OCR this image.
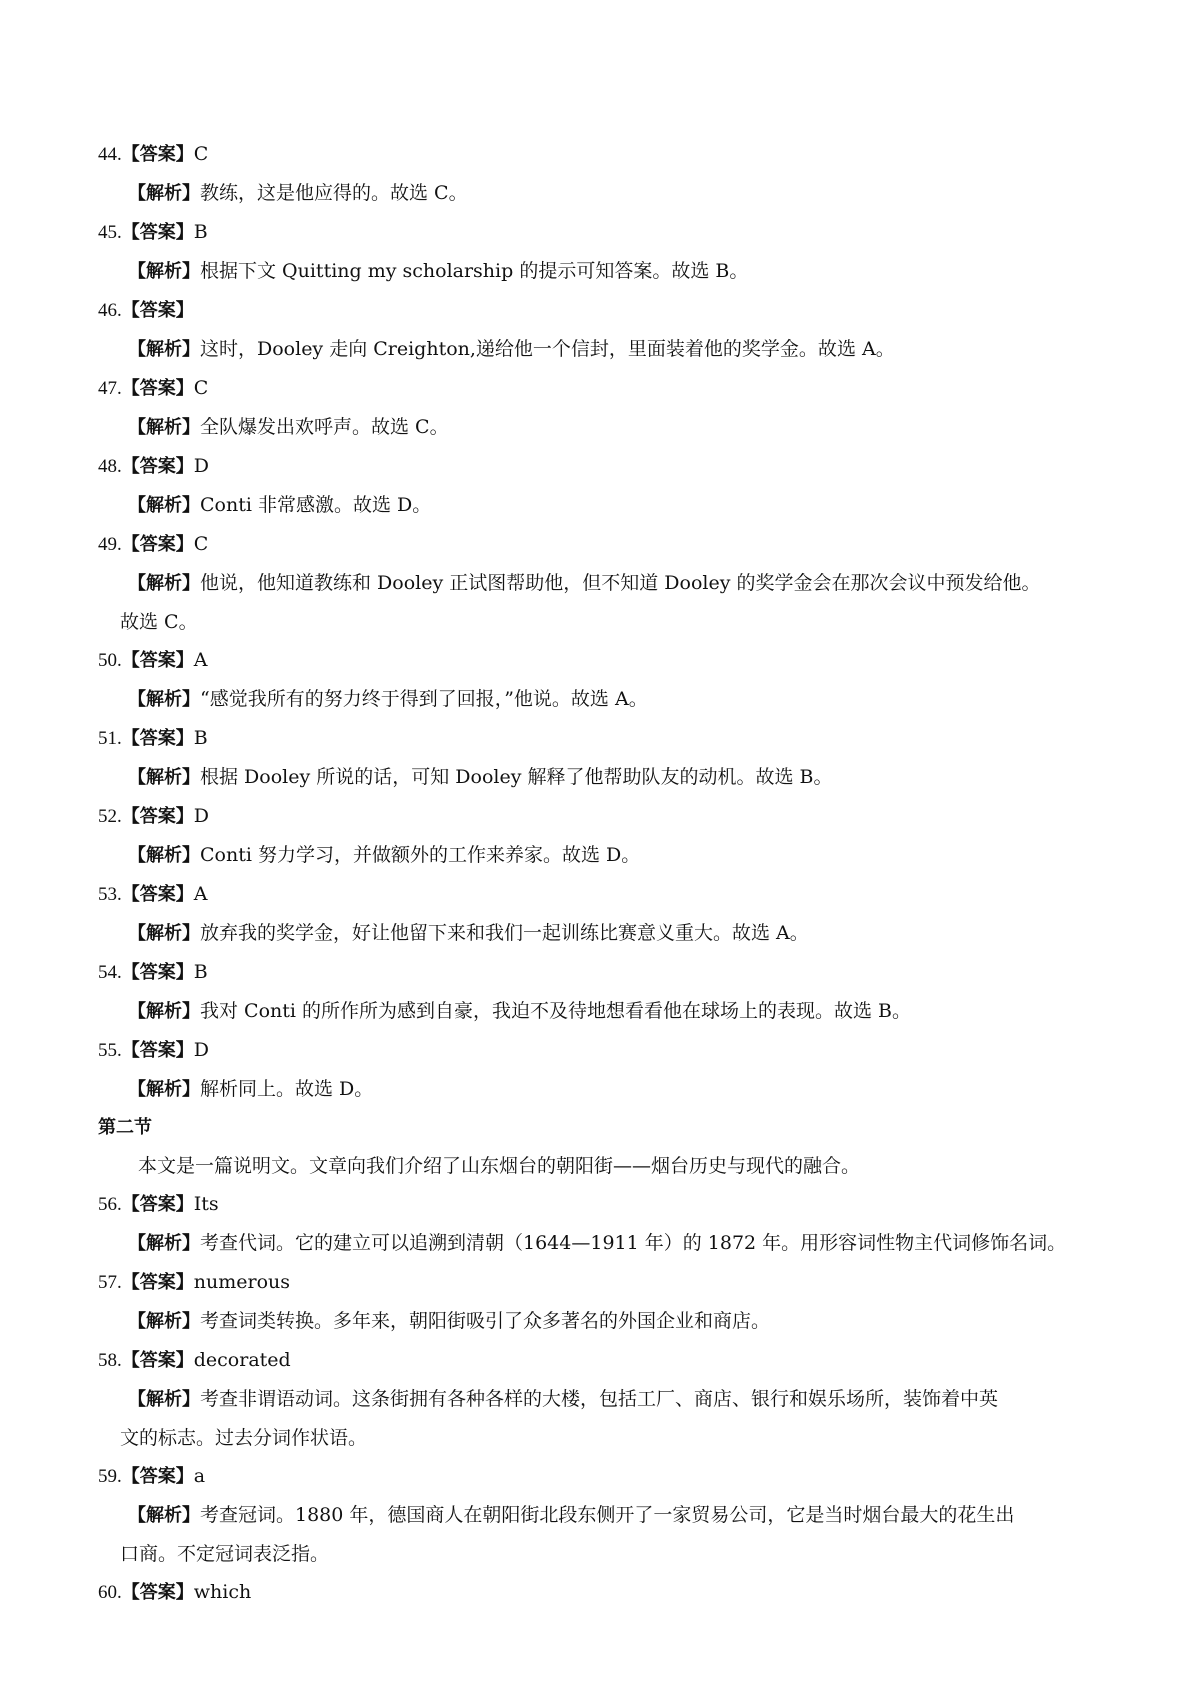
44.【答案】C
【解析】教练，这是他应得的。故选 C。
45.【答案】B
【解析】根据下文 Quitting my scholarship 的提示可知答案。故选 B。
46.【答案】
【解析】这时，Dooley 走向 Creighton,递给他一个信封，里面装着他的奖学金。故选 A。
47.【答案】C
【解析】全队爆发出欢呼声。故选 C。
48.【答案】D
【解析】Conti 非常感激。故选 D。
49.【答案】C
【解析】他说，他知道教练和 Dooley 正试图帮助他，但不知道 Dooley 的奖学金会在那次会议中预发给他。
故选 C。
50.【答案】A
【解析】“感觉我所有的努力终于得到了回报，”他说。故选 A。
51.【答案】B
【解析】根据 Dooley 所说的话，可知 Dooley 解释了他帮助队友的动机。故选 B。
52.【答案】D
【解析】Conti 努力学习，并做额外的工作来养家。故选 D。
53.【答案】A
【解析】放弃我的奖学金，好让他留下来和我们一起训练比赛意义重大。故选 A。
54.【答案】B
【解析】我对 Conti 的所作所为感到自豪，我迫不及待地想看看他在球场上的表现。故选 B。
55.【答案】D
【解析】解析同上。故选 D。
第二节
本文是一篇说明文。文章向我们介绍了山东烟台的朝阳街——烟台历史与现代的融合。
56.【答案】Its
【解析】考查代词。它的建立可以追溯到清朝（1644—1911 年）的 1872 年。用形容词性物主代词修饰名词。
57.【答案】numerous
【解析】考查词类转换。多年来，朝阳街吸引了众多著名的外国企业和商店。
58.【答案】decorated
【解析】考查非谓语动词。这条街拥有各种各样的大楼，包括工厂、商店、银行和娱乐场所，装饰着中英
文的标志。过去分词作状语。
59.【答案】a
【解析】考查冠词。1880 年，德国商人在朝阳街北段东侧开了一家贸易公司，它是当时烟台最大的花生出
口商。不定冠词表泛指。
60.【答案】which
